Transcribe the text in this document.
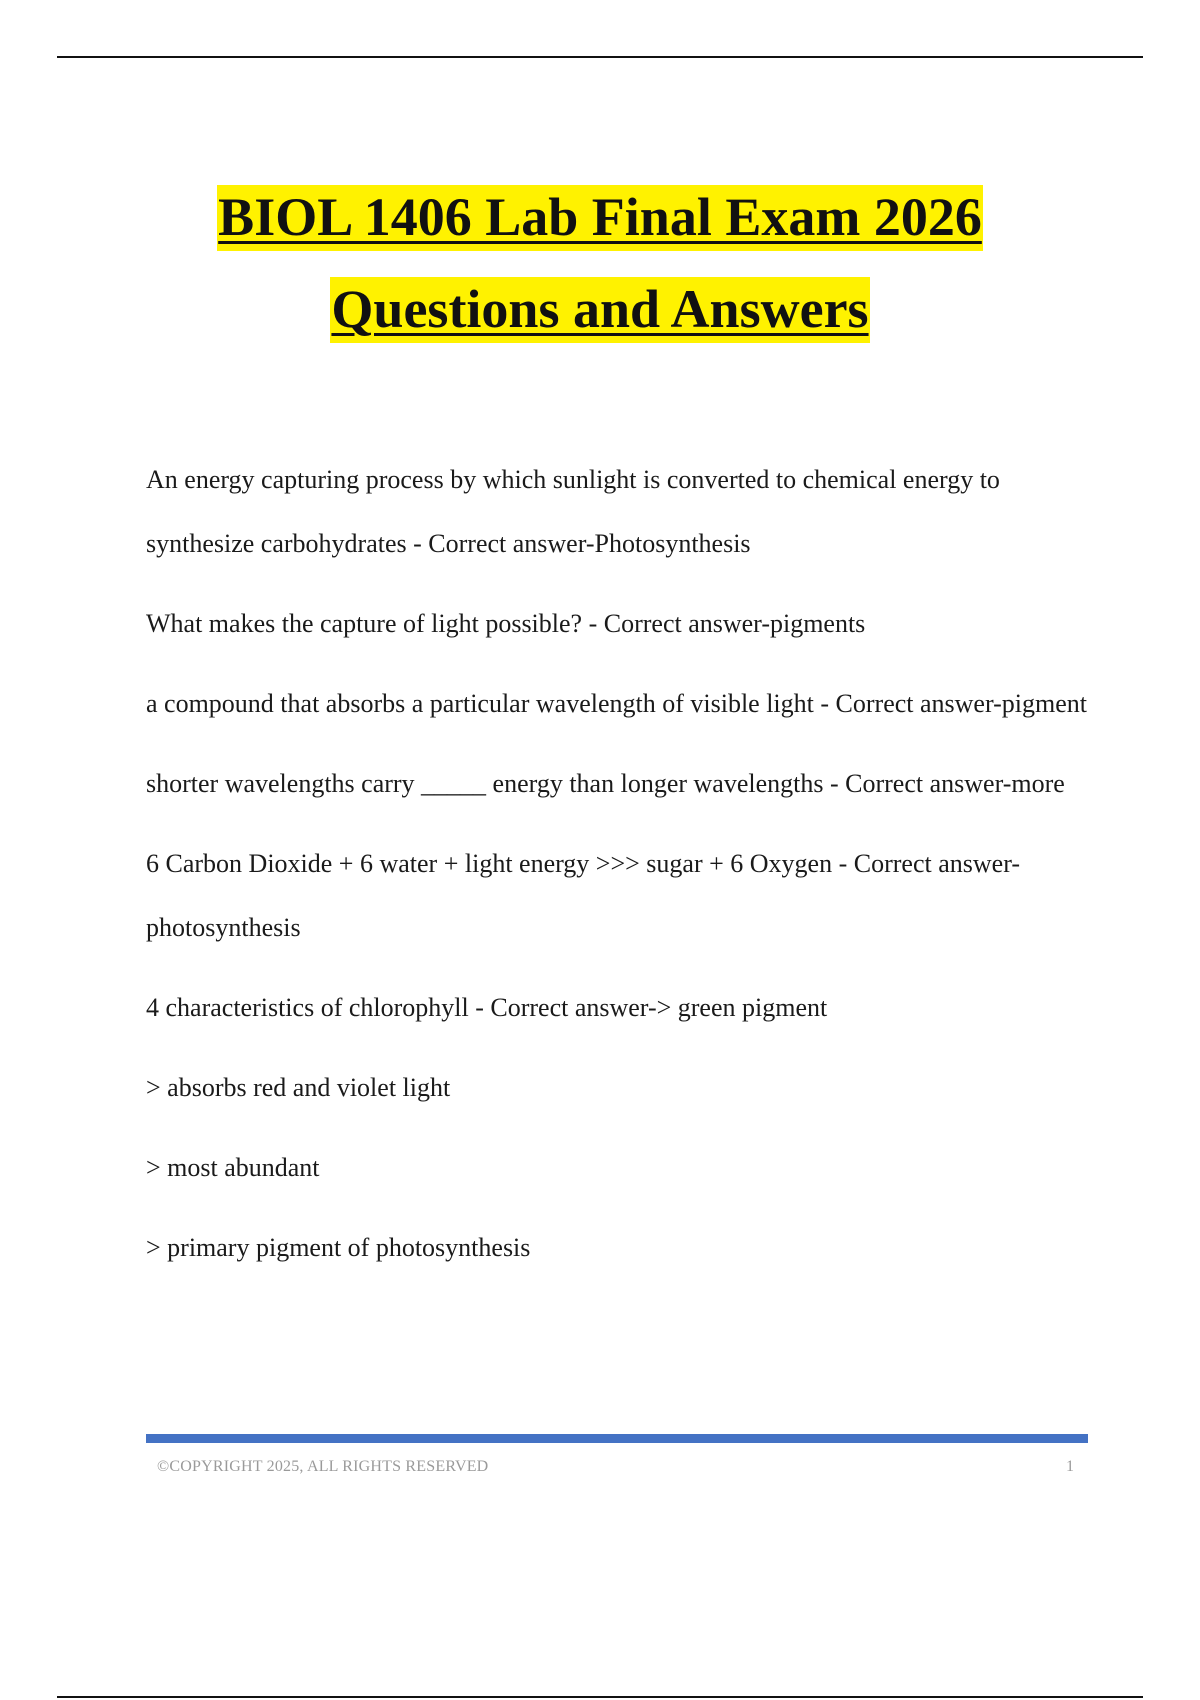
BIOL 1406 Lab Final Exam 2026
Questions and Answers

An energy capturing process by which sunlight is converted to chemical energy to synthesize carbohydrates - Correct answer-Photosynthesis

What makes the capture of light possible? - Correct answer-pigments

a compound that absorbs a particular wavelength of visible light - Correct answer-pigment

shorter wavelengths carry _____ energy than longer wavelengths - Correct answer-more

6 Carbon Dioxide + 6 water + light energy >>> sugar + 6 Oxygen - Correct answer-photosynthesis

4 characteristics of chlorophyll - Correct answer-> green pigment

> absorbs red and violet light

> most abundant

> primary pigment of photosynthesis

©COPYRIGHT 2025, ALL RIGHTS RESERVED	1
